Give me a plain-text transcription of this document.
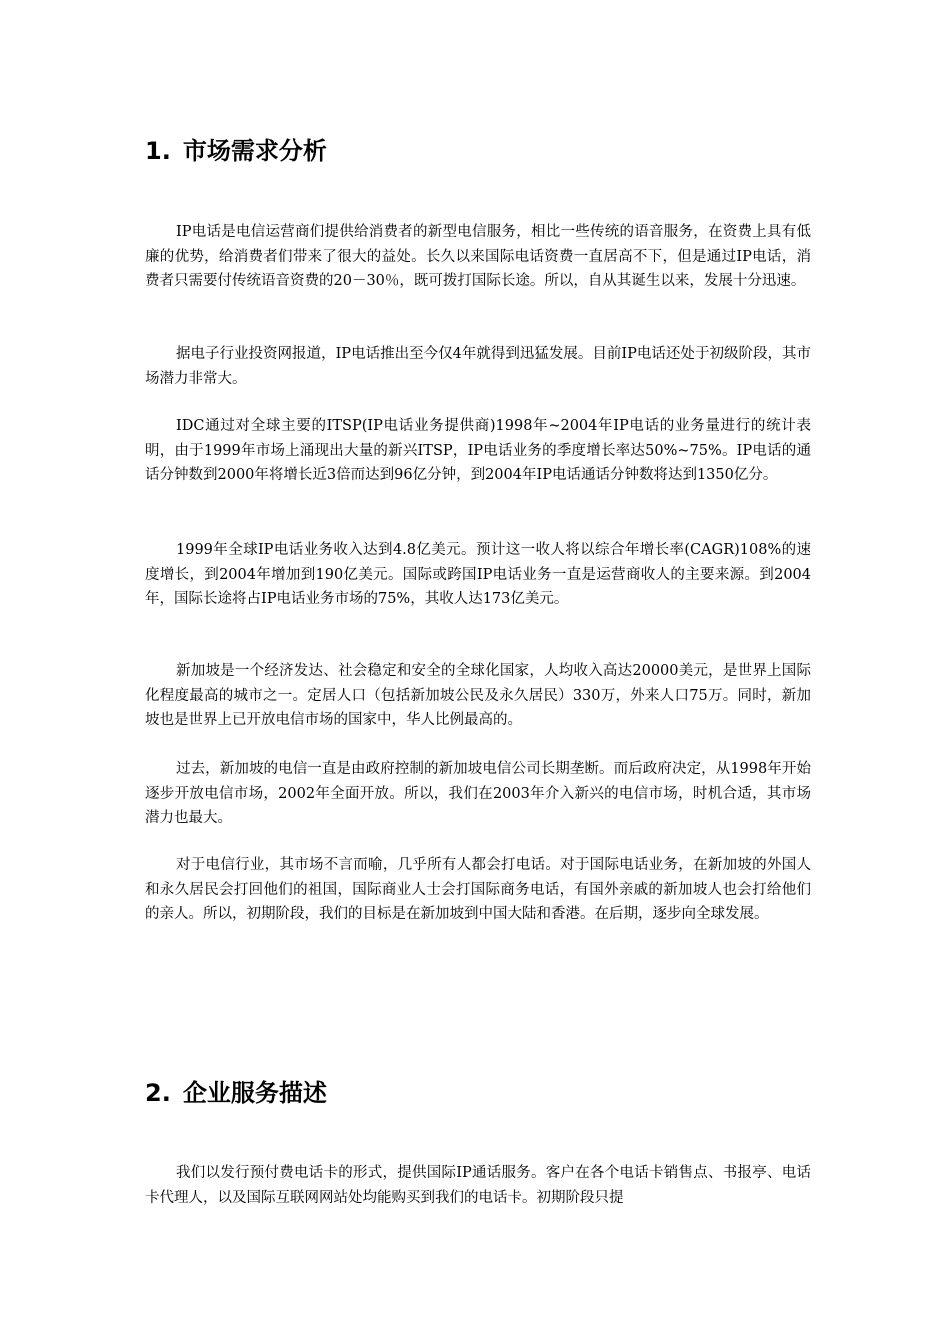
1. 市场需求分析

IP电话是电信运营商们提供给消费者的新型电信服务，相比一些传统的语音服务，在资费上具有低廉的优势，给消费者们带来了很大的益处。长久以来国际电话资费一直居高不下，但是通过IP电话，消费者只需要付传统语音资费的20－30％，既可拨打国际长途。所以，自从其诞生以来，发展十分迅速。

据电子行业投资网报道，IP电话推出至今仅4年就得到迅猛发展。目前IP电话还处于初级阶段，其市场潜力非常大。

IDC通过对全球主要的ITSP(IP电话业务提供商)1998年~2004年IP电话的业务量进行的统计表明，由于1999年市场上涌现出大量的新兴ITSP，IP电话业务的季度增长率达50%~75%。IP电话的通话分钟数到2000年将增长近3倍而达到96亿分钟，到2004年IP电话通话分钟数将达到1350亿分。

1999年全球IP电话业务收入达到4.8亿美元。预计这一收人将以综合年增长率(CAGR)108%的速度增长，到2004年增加到190亿美元。国际或跨国IP电话业务一直是运营商收人的主要来源。到2004年，国际长途将占IP电话业务市场的75%，其收人达173亿美元。

新加坡是一个经济发达、社会稳定和安全的全球化国家，人均收入高达20000美元，是世界上国际化程度最高的城市之一。定居人口（包括新加坡公民及永久居民）330万，外来人口75万。同时，新加坡也是世界上已开放电信市场的国家中，华人比例最高的。

过去，新加坡的电信一直是由政府控制的新加坡电信公司长期垄断。而后政府决定，从1998年开始逐步开放电信市场，2002年全面开放。所以，我们在2003年介入新兴的电信市场，时机合适，其市场潜力也最大。

对于电信行业，其市场不言而喻，几乎所有人都会打电话。对于国际电话业务，在新加坡的外国人和永久居民会打回他们的祖国，国际商业人士会打国际商务电话，有国外亲戚的新加坡人也会打给他们的亲人。所以，初期阶段，我们的目标是在新加坡到中国大陆和香港。在后期，逐步向全球发展。

2. 企业服务描述

我们以发行预付费电话卡的形式，提供国际IP通话服务。客户在各个电话卡销售点、书报亭、电话卡代理人，以及国际互联网网站处均能购买到我们的电话卡。初期阶段只提
